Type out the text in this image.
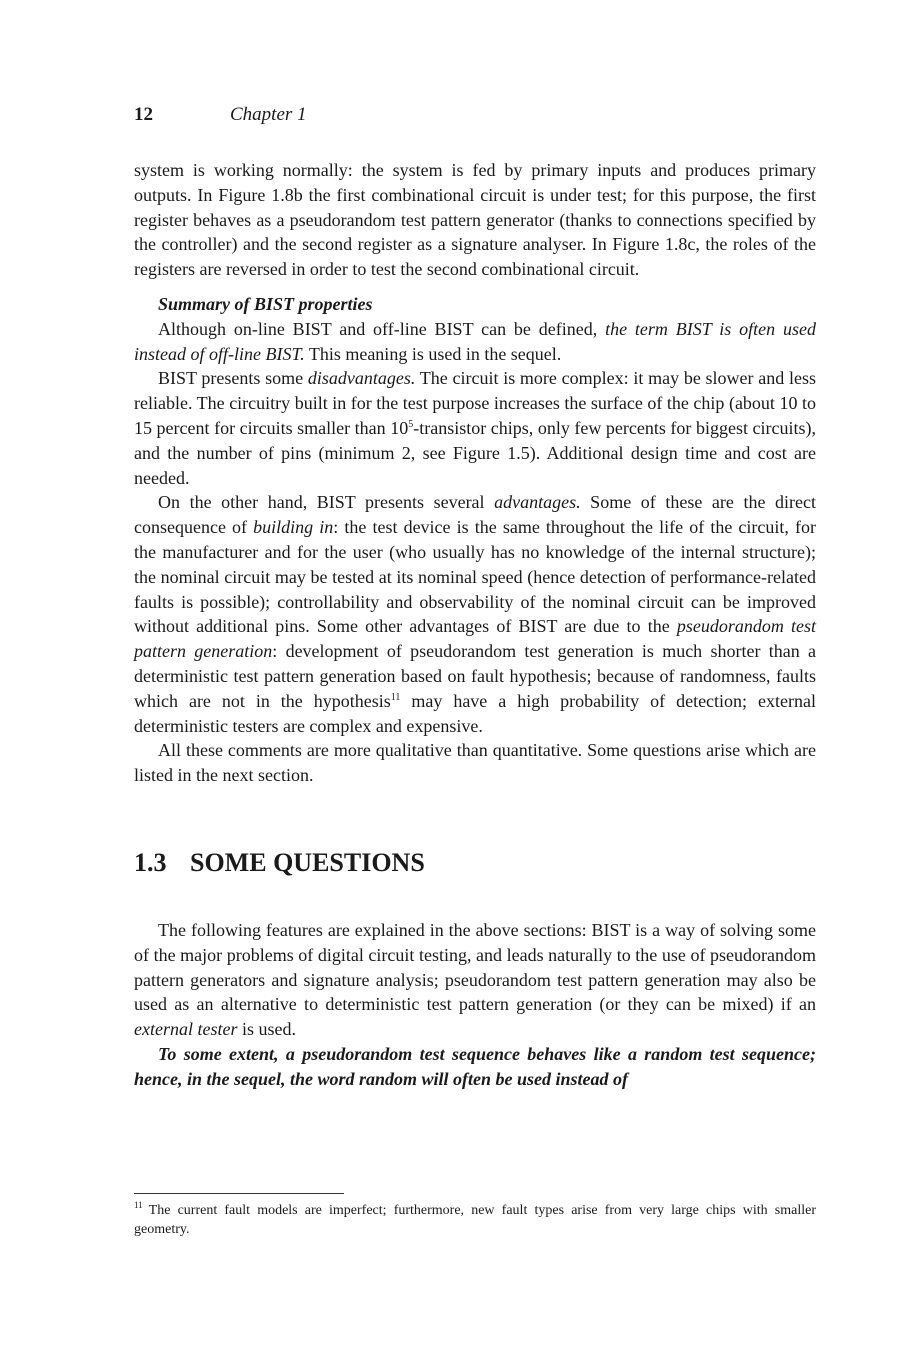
12	Chapter 1

system is working normally: the system is fed by primary inputs and produces primary outputs. In Figure 1.8b the first combinational circuit is under test; for this purpose, the first register behaves as a pseudorandom test pattern generator (thanks to connections specified by the controller) and the second register as a signature analyser. In Figure 1.8c, the roles of the registers are reversed in order to test the second combinational circuit.

Summary of BIST properties

Although on-line BIST and off-line BIST can be defined, the term BIST is often used instead of off-line BIST. This meaning is used in the sequel.

BIST presents some disadvantages. The circuit is more complex: it may be slower and less reliable. The circuitry built in for the test purpose increases the surface of the chip (about 10 to 15 percent for circuits smaller than $10^5$-transistor chips, only few percents for biggest circuits), and the number of pins (minimum 2, see Figure 1.5). Additional design time and cost are needed.

On the other hand, BIST presents several advantages. Some of these are the direct consequence of building in: the test device is the same throughout the life of the circuit, for the manufacturer and for the user (who usually has no knowledge of the internal structure); the nominal circuit may be tested at its nominal speed (hence detection of performance-related faults is possible); controllability and observability of the nominal circuit can be improved without additional pins. Some other advantages of BIST are due to the pseudorandom test pattern generation: development of pseudorandom test generation is much shorter than a deterministic test pattern generation based on fault hypothesis; because of randomness, faults which are not in the hypothesis$^{11}$ may have a high probability of detection; external deterministic testers are complex and expensive.

All these comments are more qualitative than quantitative. Some questions arise which are listed in the next section.

1.3 SOME QUESTIONS

The following features are explained in the above sections: BIST is a way of solving some of the major problems of digital circuit testing, and leads naturally to the use of pseudorandom pattern generators and signature analysis; pseudorandom test pattern generation may also be used as an alternative to deterministic test pattern generation (or they can be mixed) if an external tester is used.

To some extent, a pseudorandom test sequence behaves like a random test sequence; hence, in the sequel, the word random will often be used instead of

$^{11}$ The current fault models are imperfect; furthermore, new fault types arise from very large chips with smaller geometry.
